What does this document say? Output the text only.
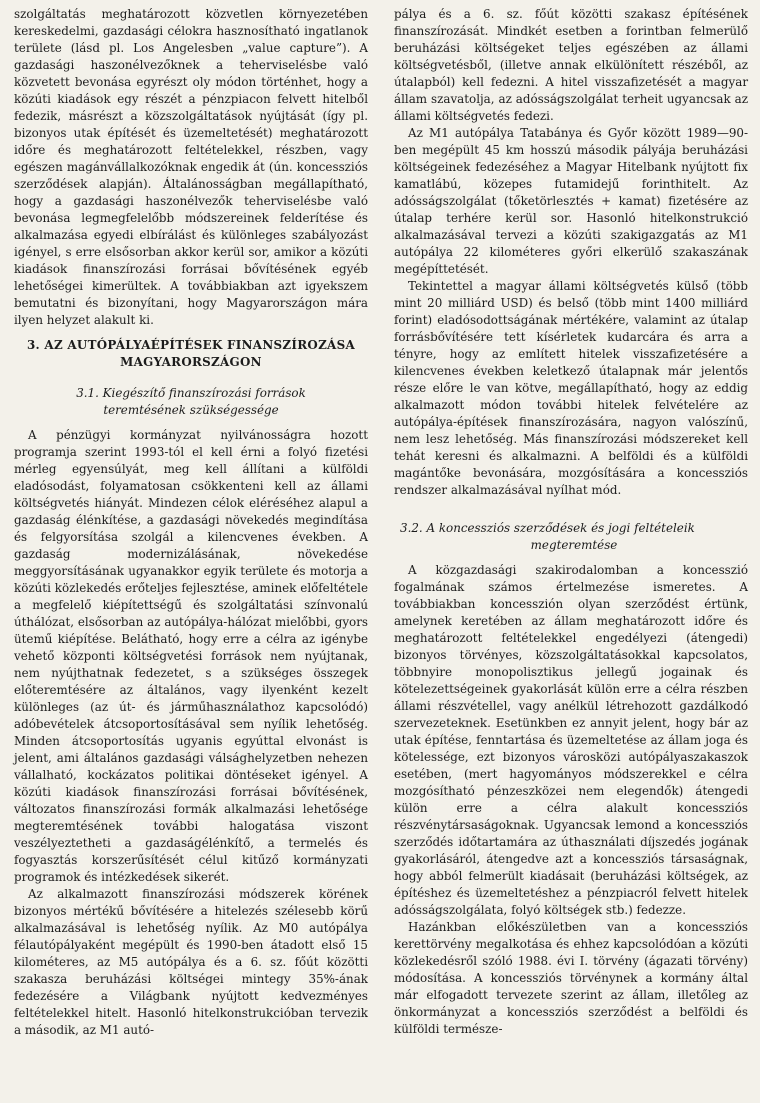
szolgáltatás meghatározott közvetlen környezetében kereskedelmi, gazdasági célokra hasznosítható ingatlanok területe (lásd pl. Los Angelesben „value capture”). A gazdasági haszonélvezőknek a teherviselésbe való közvetett bevonása egyrészt oly módon történhet, hogy a közúti kiadások egy részét a pénzpiacon felvett hitelből fedezik, másrészt a közszolgáltatások nyújtását (így pl. bizonyos utak építését és üzemeltetését) meghatározott időre és meghatározott feltételekkel, részben, vagy egészen magánvállalkozóknak engedik át (ún. koncessziós szerződések alapján). Általánosságban megállapítható, hogy a gazdasági haszonélvezők teherviselésbe való bevonása legmegfelelőbb módszereinek felderítése és alkalmazása egyedi elbírálást és különleges szabályozást igényel, s erre elsősorban akkor kerül sor, amikor a közúti kiadások finanszírozási forrásai bővítésének egyéb lehetőségei kimerültek. A továbbiakban azt igyekszem bemutatni és bizonyítani, hogy Magyarországon mára ilyen helyzet alakult ki.

3. AZ AUTÓPÁLYAÉPÍTÉSEK FINANSZÍROZÁSA
MAGYARORSZÁGON
3.1. Kiegészítő finanszírozási források
teremtésének szükségessége

A pénzügyi kormányzat nyilvánosságra hozott programja szerint 1993-tól el kell érni a folyó fizetési mérleg egyensúlyát, meg kell állítani a külföldi eladósodást, folyamatosan csökkenteni kell az állami költségvetés hiányát. Mindezen célok eléréséhez alapul a gazdaság élénkítése, a gazdasági növekedés megindítása és felgyorsítása szolgál a kilencvenes években. A gazdaság modernizálásának, növekedése meggyorsításának ugyanakkor egyik területe és motorja a közúti közlekedés erőteljes fejlesztése, aminek előfeltétele a megfelelő kiépítettségű és szolgáltatási színvonalú úthálózat, elsősorban az autópálya-hálózat mielőbbi, gyors ütemű kiépítése. Belátható, hogy erre a célra az igénybe vehető központi költségvetési források nem nyújtanak, nem nyújthatnak fedezetet, s a szükséges összegek előteremtésére az általános, vagy ilyenként kezelt különleges (az út- és járműhasználathoz kapcsolódó) adóbevételek átcsoportosításával sem nyílik lehetőség. Minden átcsoportosítás ugyanis egyúttal elvonást is jelent, ami általános gazdasági válsághelyzetben nehezen vállalható, kockázatos politikai döntéseket igényel. A közúti kiadások finanszírozási forrásai bővítésének, változatos finanszírozási formák alkalmazási lehetősége megteremtésének további halogatása viszont veszélyeztetheti a gazdaságélénkítő, a termelés és fogyasztás korszerűsítését célul kitűző kormányzati programok és intézkedések sikerét.

Az alkalmazott finanszírozási módszerek körének bizonyos mértékű bővítésére a hitelezés szélesebb körű alkalmazásával is lehetőség nyílik. Az M0 autópálya félautópályaként megépült és 1990-ben átadott első 15 kilométeres, az M5 autópálya és a 6. sz. főút közötti szakasza beruházási költségei mintegy 35%-ának fedezésére a Világbank nyújtott kedvezményes feltételekkel hitelt. Hasonló hitelkonstrukcióban tervezik a második, az M1 autó-

pálya és a 6. sz. főút közötti szakasz építésének finanszírozását. Mindkét esetben a forintban felmerülő beruházási költségeket teljes egészében az állami költségvetésből, (illetve annak elkülönített részéből, az útalapból) kell fedezni. A hitel visszafizetését a magyar állam szavatolja, az adósságszolgálat terheit ugyancsak az állami költségvetés fedezi.

Az M1 autópálya Tatabánya és Győr között 1989—90-ben megépült 45 km hosszú második pályája beruházási költségeinek fedezéséhez a Magyar Hitelbank nyújtott fix kamatlábú, közepes futamidejű forinthitelt. Az adósságszolgálat (tőketörlesztés + kamat) fizetésére az útalap terhére kerül sor. Hasonló hitelkonstrukció alkalmazásával tervezi a közúti szakigazgatás az M1 autópálya 22 kilométeres győri elkerülő szakaszának megépíttetését.

Tekintettel a magyar állami költségvetés külső (több mint 20 milliárd USD) és belső (több mint 1400 milliárd forint) eladósodottságának mértékére, valamint az útalap forrásbővítésére tett kísérletek kudarcára és arra a tényre, hogy az említett hitelek visszafizetésére a kilencvenes években keletkező útalapnak már jelentős része előre le van kötve, megállapítható, hogy az eddig alkalmazott módon további hitelek felvételére az autópálya-építések finanszírozására, nagyon valószínű, nem lesz lehetőség. Más finanszírozási módszereket kell tehát keresni és alkalmazni. A belföldi és a külföldi magántőke bevonására, mozgósítására a koncessziós rendszer alkalmazásával nyílhat mód.

3.2. A koncessziós szerződések és jogi feltételeik
megteremtése

A közgazdasági szakirodalomban a koncesszió fogalmának számos értelmezése ismeretes. A továbbiakban koncesszión olyan szerződést értünk, amelynek keretében az állam meghatározott időre és meghatározott feltételekkel engedélyezi (átengedi) bizonyos törvényes, közszolgáltatásokkal kapcsolatos, többnyire monopolisztikus jellegű jogainak és kötelezettségeinek gyakorlását külön erre a célra részben állami részvétellel, vagy anélkül létrehozott gazdálkodó szervezeteknek. Esetünkben ez annyit jelent, hogy bár az utak építése, fenntartása és üzemeltetése az állam joga és kötelessége, ezt bizonyos városközi autópályaszakaszok esetében, (mert hagyományos módszerekkel e célra mozgósítható pénzeszközei nem elegendők) átengedi külön erre a célra alakult koncessziós részvénytársaságoknak. Ugyancsak lemond a koncessziós szerződés időtartamára az úthasználati díjszedés jogának gyakorlásáról, átengedve azt a koncessziós társaságnak, hogy abból felmerült kiadásait (beruházási költségek, az építéshez és üzemeltetéshez a pénzpiacról felvett hitelek adósságszolgálata, folyó költségek stb.) fedezze.

Hazánkban előkészületben van a koncessziós kerettörvény megalkotása és ehhez kapcsolódóan a közúti közlekedésről szóló 1988. évi I. törvény (ágazati törvény) módosítása. A koncessziós törvénynek a kormány által már elfogadott tervezete szerint az állam, illetőleg az önkormányzat a koncessziós szerződést a belföldi és külföldi természe-
